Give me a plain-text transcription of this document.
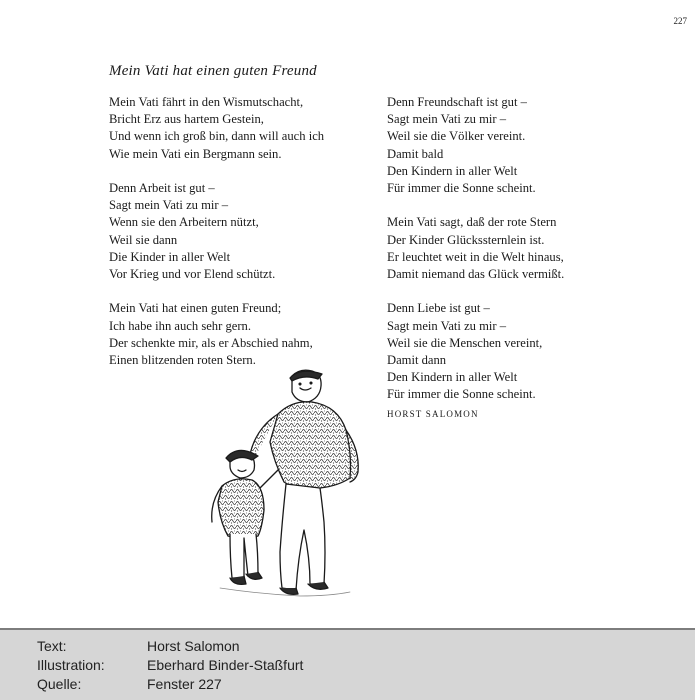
227
Mein Vati hat einen guten Freund
Mein Vati fährt in den Wismutschacht,
Bricht Erz aus hartem Gestein,
Und wenn ich groß bin, dann will auch ich
Wie mein Vati ein Bergmann sein.
Denn Arbeit ist gut –
Sagt mein Vati zu mir –
Wenn sie den Arbeitern nützt,
Weil sie dann
Die Kinder in aller Welt
Vor Krieg und vor Elend schützt.
Mein Vati hat einen guten Freund;
Ich habe ihn auch sehr gern.
Der schenkte mir, als er Abschied nahm,
Einen blitzenden roten Stern.
Denn Freundschaft ist gut –
Sagt mein Vati zu mir –
Weil sie die Völker vereint.
Damit bald
Den Kindern in aller Welt
Für immer die Sonne scheint.
Mein Vati sagt, daß der rote Stern
Der Kinder Glückssternlein ist.
Er leuchtet weit in die Welt hinaus,
Damit niemand das Glück vermißt.
Denn Liebe ist gut –
Sagt mein Vati zu mir –
Weil sie die Menschen vereint,
Damit dann
Den Kindern in aller Welt
Für immer die Sonne scheint.
HORST SALOMON
Text:	Horst Salomon
Illustration:	Eberhard Binder-Staßfurt
Quelle:	Fenster 227
